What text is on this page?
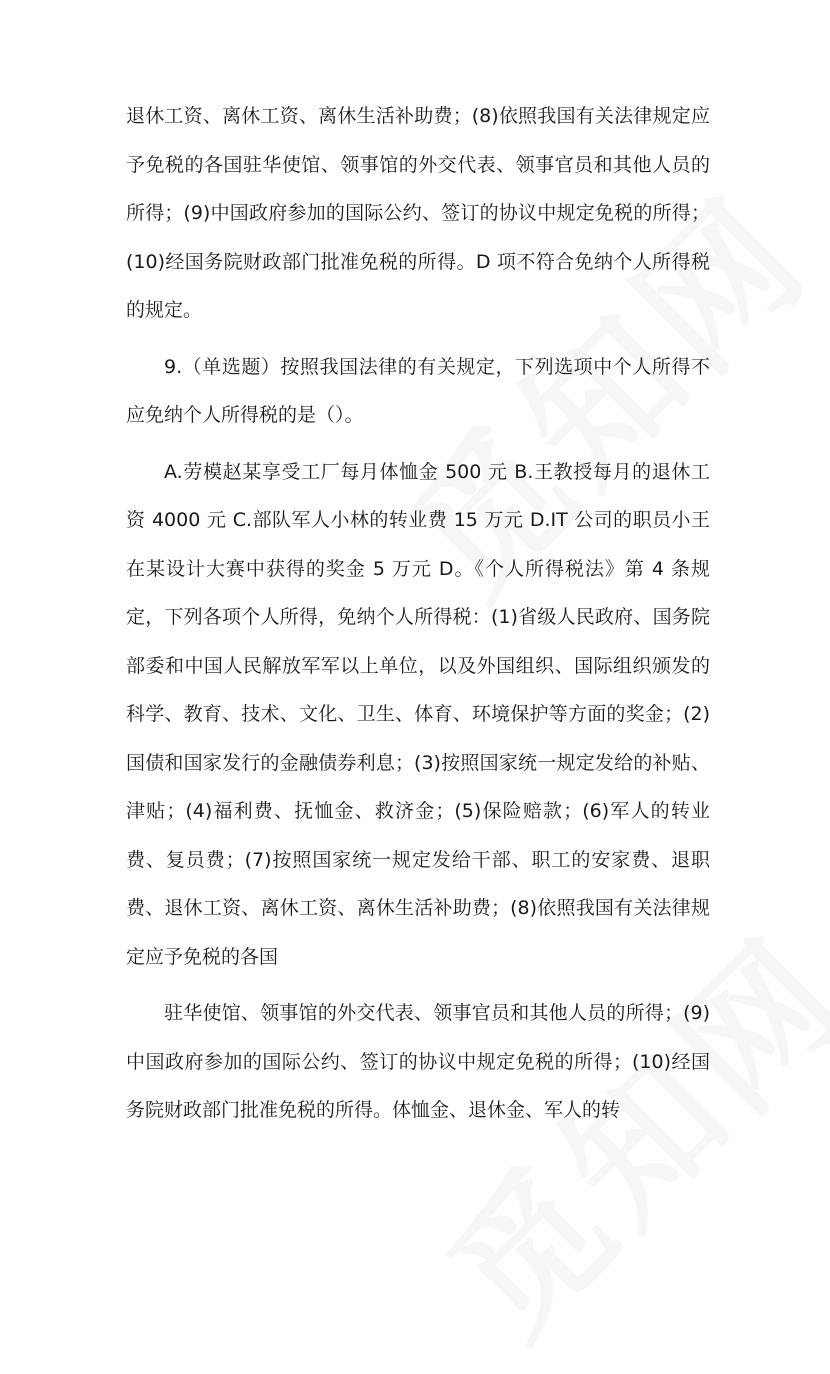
退休工资、离休工资、离休生活补助费；(8)依照我国有关法律规定应予免税的各国驻华使馆、领事馆的外交代表、领事官员和其他人员的所得；(9)中国政府参加的国际公约、签订的协议中规定免税的所得；(10)经国务院财政部门批准免税的所得。D 项不符合免纳个人所得税的规定。

9.（单选题）按照我国法律的有关规定，下列选项中个人所得不应免纳个人所得税的是（）。

A.劳模赵某享受工厂每月体恤金 500 元 B.王教授每月的退休工资 4000 元 C.部队军人小林的转业费 15 万元 D.IT 公司的职员小王在某设计大赛中获得的奖金 5 万元 D。《个人所得税法》第 4 条规定，下列各项个人所得，免纳个人所得税：(1)省级人民政府、国务院部委和中国人民解放军军以上单位，以及外国组织、国际组织颁发的科学、教育、技术、文化、卫生、体育、环境保护等方面的奖金；(2)国债和国家发行的金融债券利息；(3)按照国家统一规定发给的补贴、津贴；(4)福利费、抚恤金、救济金；(5)保险赔款；(6)军人的转业费、复员费；(7)按照国家统一规定发给干部、职工的安家费、退职费、退休工资、离休工资、离休生活补助费；(8)依照我国有关法律规定应予免税的各国

驻华使馆、领事馆的外交代表、领事官员和其他人员的所得；(9)中国政府参加的国际公约、签订的协议中规定免税的所得；(10)经国务院财政部门批准免税的所得。体恤金、退休金、军人的转
